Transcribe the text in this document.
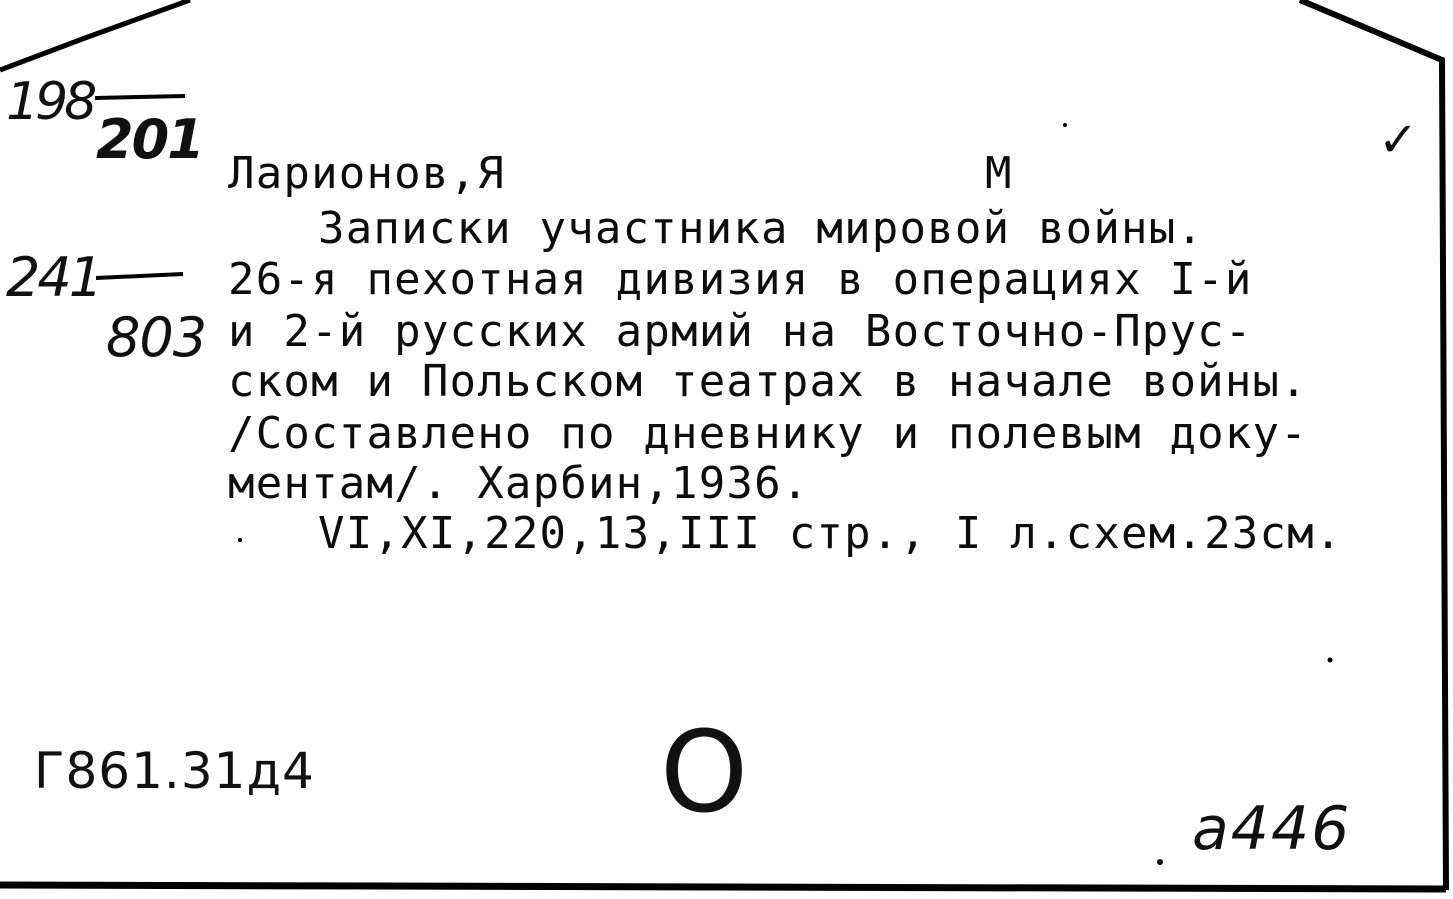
198
201
241
803
✓
Ларионов,Я	М
Записки участника мировой войны.
26-я пехотная дивизия в операциях I-й
и 2-й русских армий на Восточно-Прус-
ском и Польском театрах в начале войны.
/Составлено по дневнику и полевым доку-
ментам/. Харбин,1936.
VI,XI,220,13,III стр., I л.схем.23см.
Г861.31д4	О	а446
